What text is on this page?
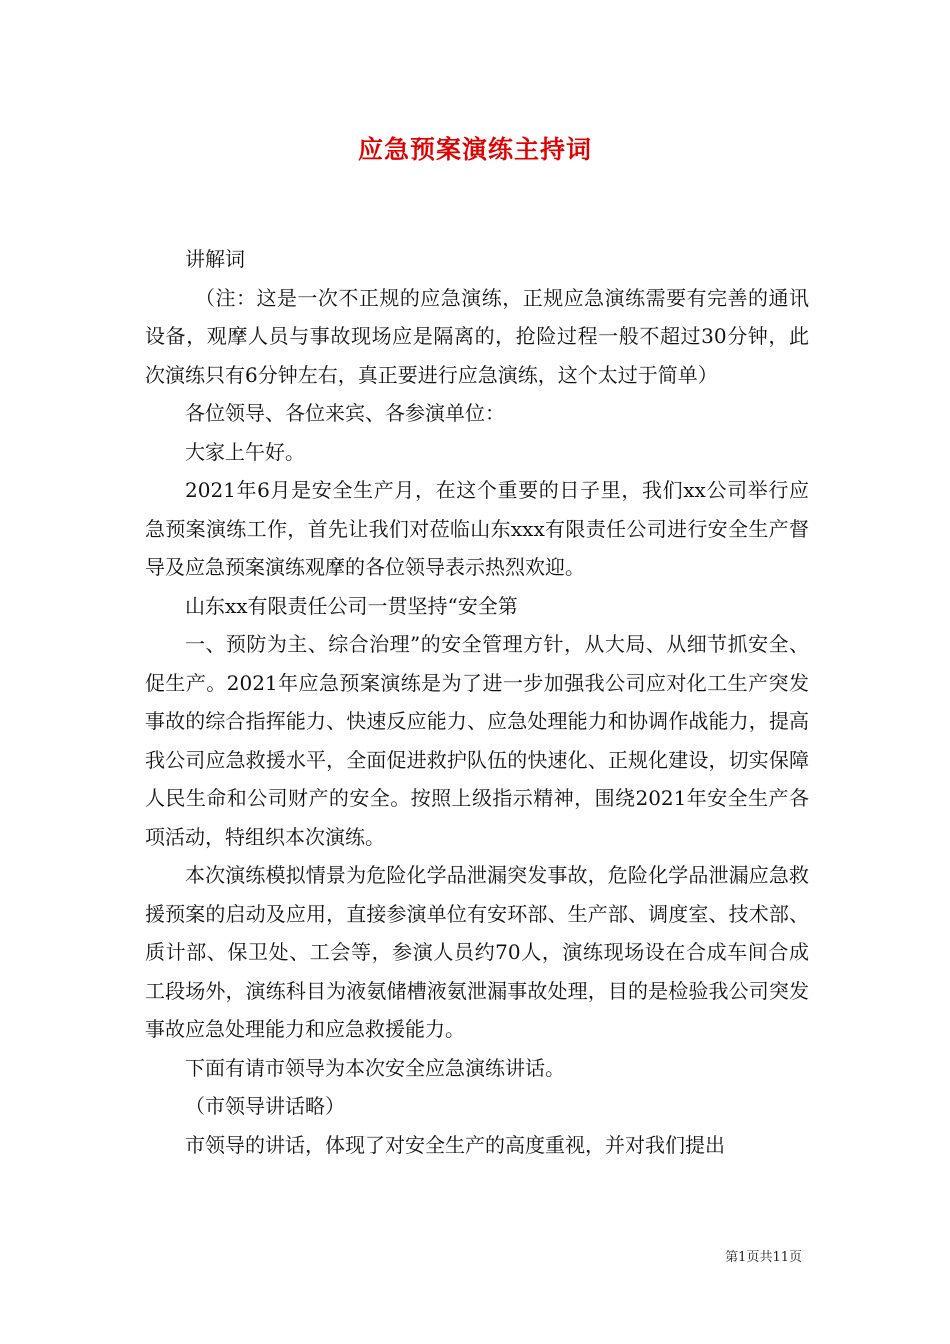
应急预案演练主持词

讲解词

（注：这是一次不正规的应急演练，正规应急演练需要有完善的通讯设备，观摩人员与事故现场应是隔离的，抢险过程一般不超过30分钟，此次演练只有6分钟左右，真正要进行应急演练，这个太过于简单）

各位领导、各位来宾、各参演单位：

大家上午好。

2021年6月是安全生产月，在这个重要的日子里，我们xx公司举行应急预案演练工作，首先让我们对莅临山东xxx有限责任公司进行安全生产督导及应急预案演练观摩的各位领导表示热烈欢迎。

山东xx有限责任公司一贯坚持“安全第

一、预防为主、综合治理”的安全管理方针，从大局、从细节抓安全、促生产。2021年应急预案演练是为了进一步加强我公司应对化工生产突发事故的综合指挥能力、快速反应能力、应急处理能力和协调作战能力，提高我公司应急救援水平，全面促进救护队伍的快速化、正规化建设，切实保障人民生命和公司财产的安全。按照上级指示精神，围绕2021年安全生产各项活动，特组织本次演练。

本次演练模拟情景为危险化学品泄漏突发事故，危险化学品泄漏应急救援预案的启动及应用，直接参演单位有安环部、生产部、调度室、技术部、质计部、保卫处、工会等，参演人员约70人，演练现场设在合成车间合成工段场外，演练科目为液氨储槽液氨泄漏事故处理，目的是检验我公司突发事故应急处理能力和应急救援能力。

下面有请市领导为本次安全应急演练讲话。

（市领导讲话略）

市领导的讲话，体现了对安全生产的高度重视，并对我们提出

第1页共11页
